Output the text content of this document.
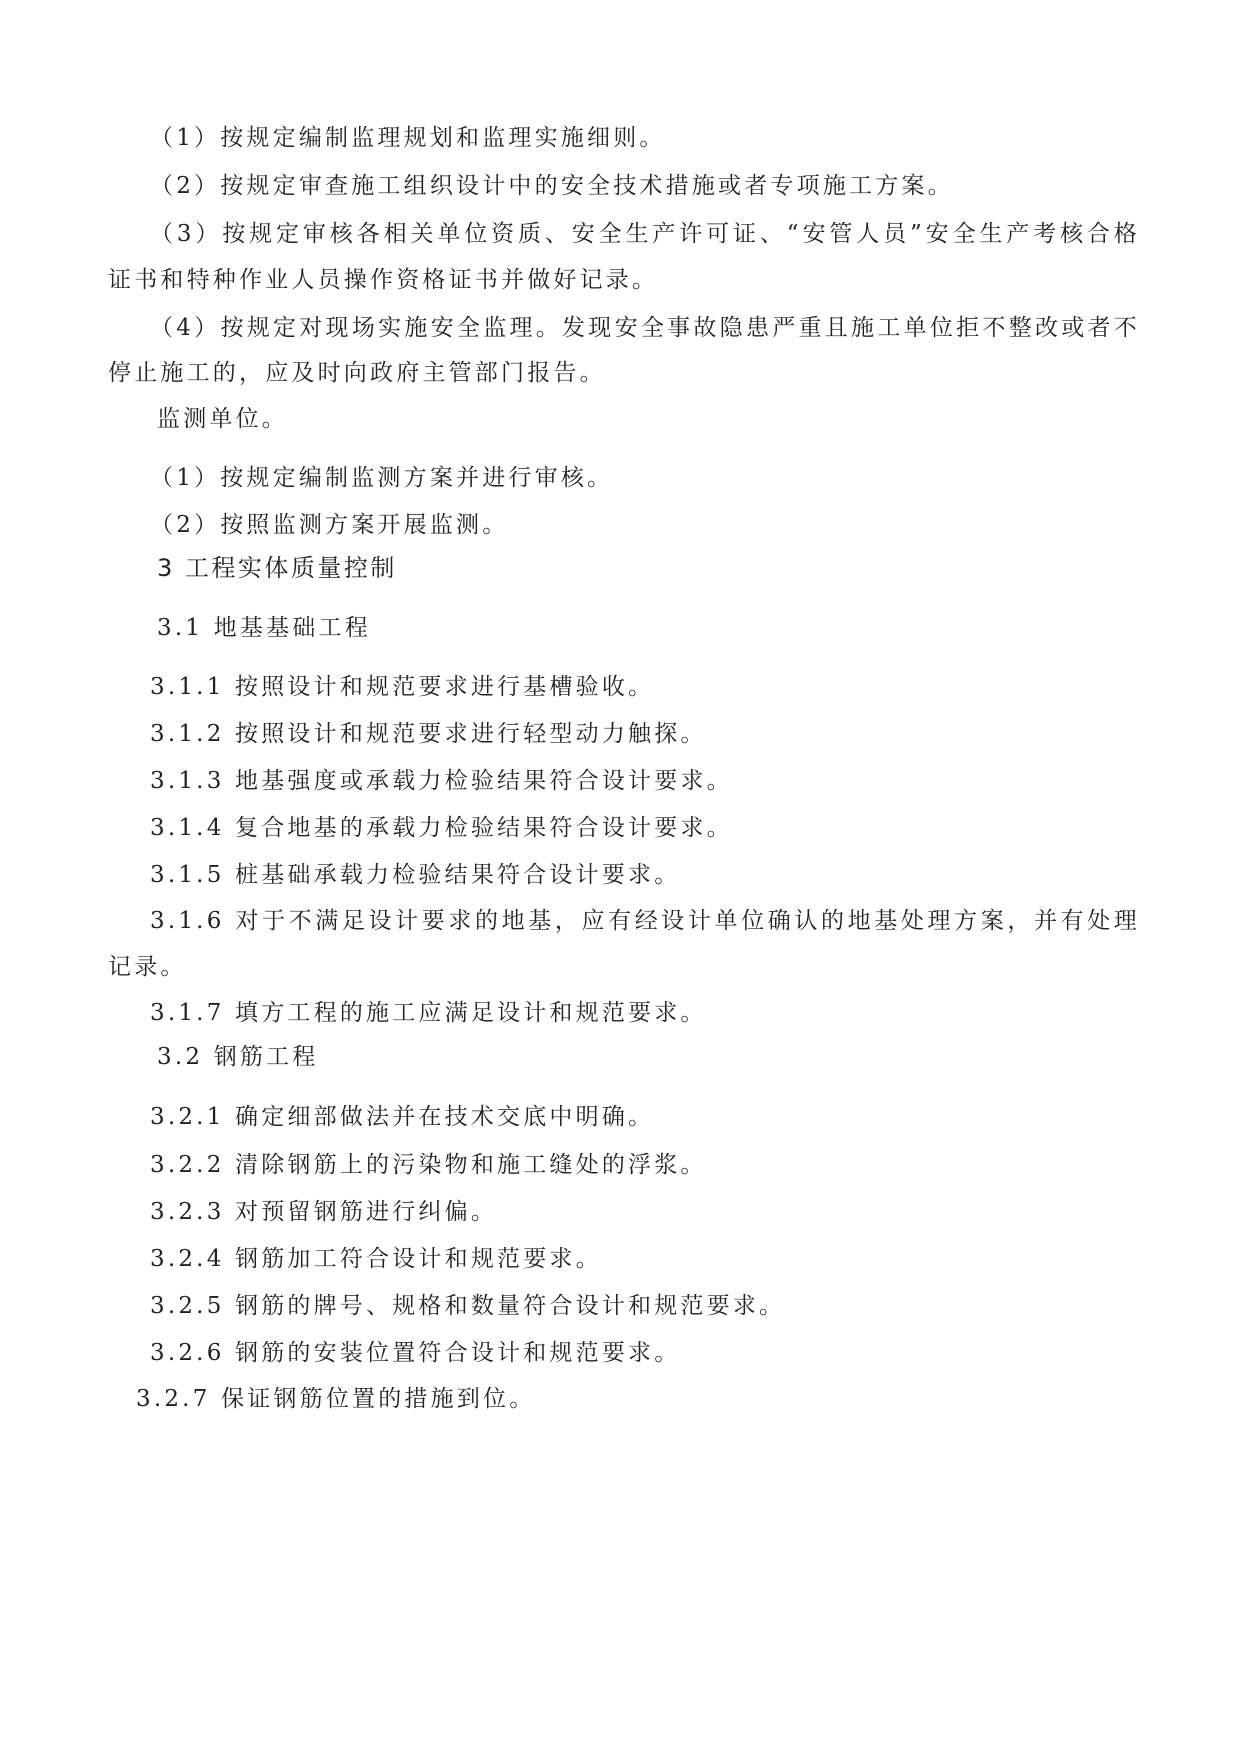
（1）按规定编制监理规划和监理实施细则。
（2）按规定审查施工组织设计中的安全技术措施或者专项施工方案。
（3）按规定审核各相关单位资质、安全生产许可证、“安管人员”安全生产考核合格
证书和特种作业人员操作资格证书并做好记录。
（4）按规定对现场实施安全监理。发现安全事故隐患严重且施工单位拒不整改或者不
停止施工的，应及时向政府主管部门报告。
监测单位。
（1）按规定编制监测方案并进行审核。
（2）按照监测方案开展监测。
3 工程实体质量控制
3.1 地基基础工程
3.1.1 按照设计和规范要求进行基槽验收。
3.1.2 按照设计和规范要求进行轻型动力触探。
3.1.3 地基强度或承载力检验结果符合设计要求。
3.1.4 复合地基的承载力检验结果符合设计要求。
3.1.5 桩基础承载力检验结果符合设计要求。
3.1.6 对于不满足设计要求的地基，应有经设计单位确认的地基处理方案，并有处理
记录。
3.1.7 填方工程的施工应满足设计和规范要求。
3.2 钢筋工程
3.2.1 确定细部做法并在技术交底中明确。
3.2.2 清除钢筋上的污染物和施工缝处的浮浆。
3.2.3 对预留钢筋进行纠偏。
3.2.4 钢筋加工符合设计和规范要求。
3.2.5 钢筋的牌号、规格和数量符合设计和规范要求。
3.2.6 钢筋的安装位置符合设计和规范要求。
3.2.7 保证钢筋位置的措施到位。
